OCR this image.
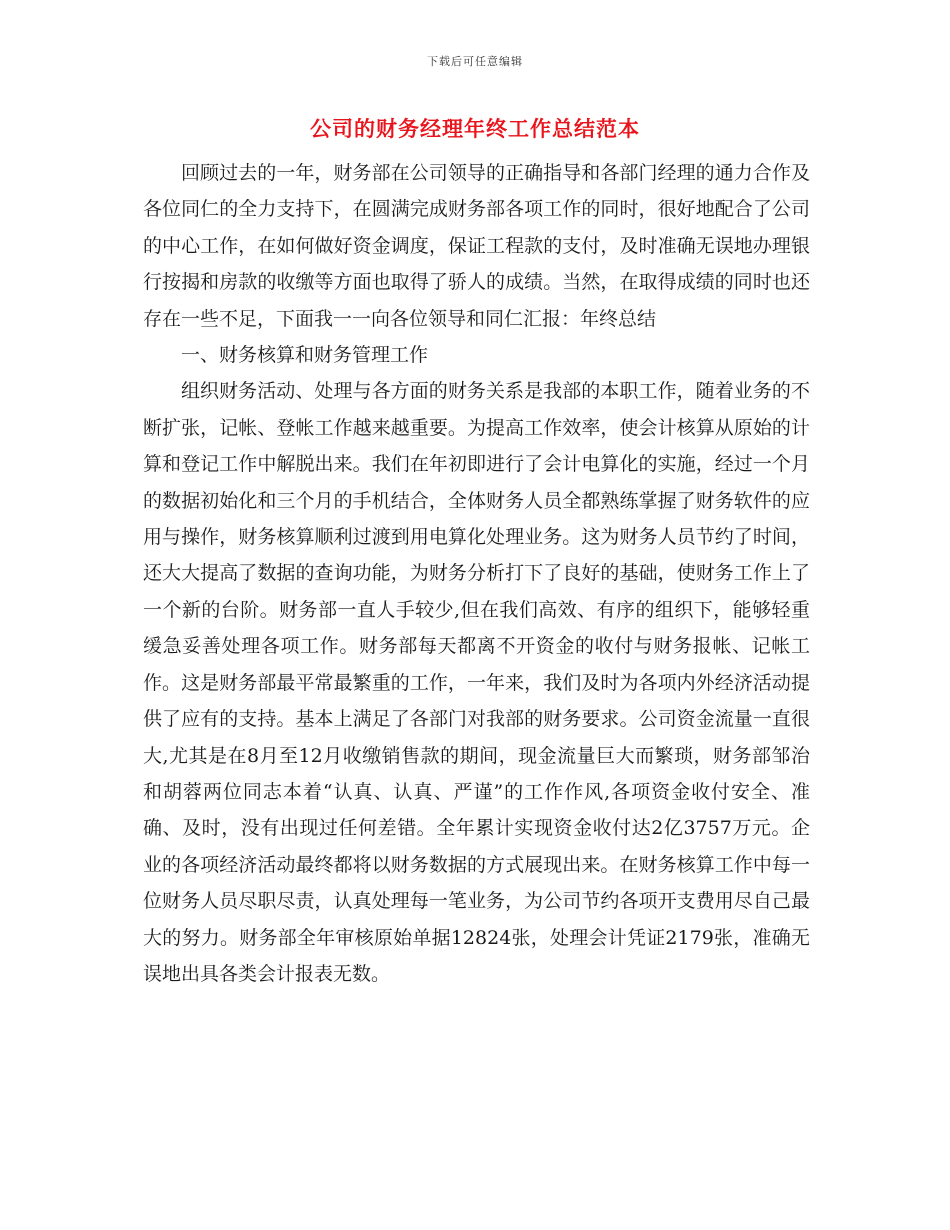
下载后可任意编辑
公司的财务经理年终工作总结范本

回顾过去的一年，财务部在公司领导的正确指导和各部门经理的通力合作及各位同仁的全力支持下，在圆满完成财务部各项工作的同时，很好地配合了公司的中心工作，在如何做好资金调度，保证工程款的支付，及时准确无误地办理银行按揭和房款的收缴等方面也取得了骄人的成绩。当然，在取得成绩的同时也还存在一些不足，下面我一一向各位领导和同仁汇报：年终总结

一、财务核算和财务管理工作

组织财务活动、处理与各方面的财务关系是我部的本职工作，随着业务的不断扩张，记帐、登帐工作越来越重要。为提高工作效率，使会计核算从原始的计算和登记工作中解脱出来。我们在年初即进行了会计电算化的实施，经过一个月的数据初始化和三个月的手机结合，全体财务人员全都熟练掌握了财务软件的应用与操作，财务核算顺利过渡到用电算化处理业务。这为财务人员节约了时间，还大大提高了数据的查询功能，为财务分析打下了良好的基础，使财务工作上了一个新的台阶。财务部一直人手较少,但在我们高效、有序的组织下，能够轻重缓急妥善处理各项工作。财务部每天都离不开资金的收付与财务报帐、记帐工作。这是财务部最平常最繁重的工作，一年来，我们及时为各项内外经济活动提供了应有的支持。基本上满足了各部门对我部的财务要求。公司资金流量一直很大,尤其是在8月至12月收缴销售款的期间，现金流量巨大而繁琐，财务部邹治和胡蓉两位同志本着“认真、认真、严谨”的工作作风,各项资金收付安全、准确、及时，没有出现过任何差错。全年累计实现资金收付达2亿3757万元。企业的各项经济活动最终都将以财务数据的方式展现出来。在财务核算工作中每一位财务人员尽职尽责，认真处理每一笔业务，为公司节约各项开支费用尽自己最大的努力。财务部全年审核原始单据12824张，处理会计凭证2179张，准确无误地出具各类会计报表无数。
